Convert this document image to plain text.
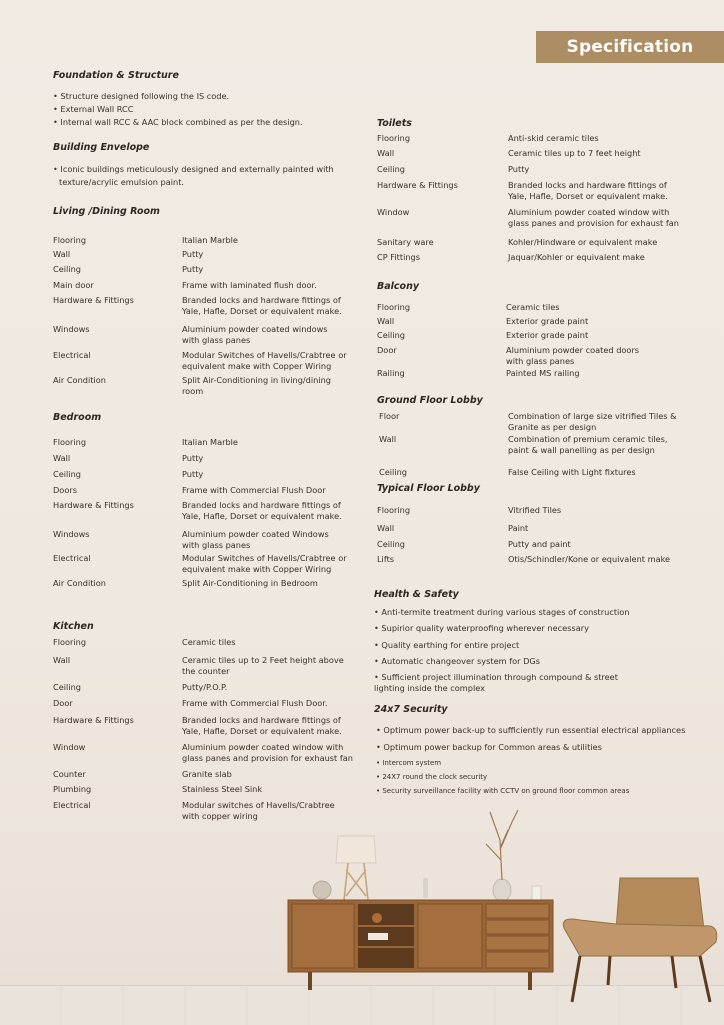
Specification
Foundation & Structure
• Structure designed following the IS code.
• External Wall RCC
• Internal wall RCC & AAC block combined as per the design.
Building Envelope
• Iconic buildings meticulously designed and externally painted with
texture/acrylic emulsion paint.
Living /Dining Room
Flooring	Italian Marble
Wall	Putty
Ceiling	Putty
Main door	Frame with laminated flush door.
Hardware & Fittings	Branded locks and hardware fittings of Yale, Hafle, Dorset or equivalent make.
Windows	Aluminium powder coated windows with glass panes
Electrical	Modular Switches of Havells/Crabtree or equivalent make with Copper Wiring
Air Condition	Split Air-Conditioning in living/dining room
Bedroom
Flooring	Italian Marble
Wall	Putty
Ceiling	Putty
Doors	Frame with Commercial Flush Door
Hardware & Fittings	Branded locks and hardware fittings of Yale, Hafle, Dorset or equivalent make.
Windows	Aluminium powder coated Windows with glass panes
Electrical	Modular Switches of Havells/Crabtree or equivalent make with Copper Wiring
Air Condition	Split Air-Conditioning in Bedroom
Kitchen
Flooring	Ceramic tiles
Wall	Ceramic tiles up to 2 Feet height above the counter
Ceiling	Putty/P.O.P.
Door	Frame with Commercial Flush Door.
Hardware & Fittings	Branded locks and hardware fittings of Yale, Hafle, Dorset or equivalent make.
Window	Aluminium powder coated window with glass panes and provision for exhaust fan
Counter	Granite slab
Plumbing	Stainless Steel Sink
Electrical	Modular switches of Havells/Crabtree with copper wiring
Toilets
Flooring	Anti-skid ceramic tiles
Wall	Ceramic tiles up to 7 feet height
Ceiling	Putty
Hardware & Fittings	Branded locks and hardware fittings of Yale, Hafle, Dorset or equivalent make.
Window	Aluminium powder coated window with glass panes and provision for exhaust fan
Sanitary ware	Kohler/Hindware or equivalent make
CP Fittings	Jaquar/Kohler or equivalent make
Balcony
Flooring	Ceramic tiles
Wall	Exterior grade paint
Ceiling	Exterior grade paint
Door	Aluminium powder coated doors with glass panes
Railing	Painted MS railing
Ground Floor Lobby
Floor	Combination of large size vitrified Tiles & Granite as per design
Wall	Combination of premium ceramic tiles, paint & wall panelling as per design
Ceiling	False Ceiling with Light fixtures
Typical Floor Lobby
Flooring	Vitrified Tiles
Wall	Paint
Ceiling	Putty and paint
Lifts	Otis/Schindler/Kone or equivalent make
Health & Safety
• Anti-termite treatment during various stages of construction
• Supirior quality waterproofing wherever necessary
• Quality earthing for entire project
• Automatic changeover system for DGs
• Sufficient project illumination through compound & street
lighting inside the complex
24x7 Security
• Optimum power back-up to sufficiently run essential electrical appliances
• Optimum power backup for Common areas & utilities
• Intercom system
• 24X7 round the clock security
• Security surveillance facility with CCTV on ground floor common areas
